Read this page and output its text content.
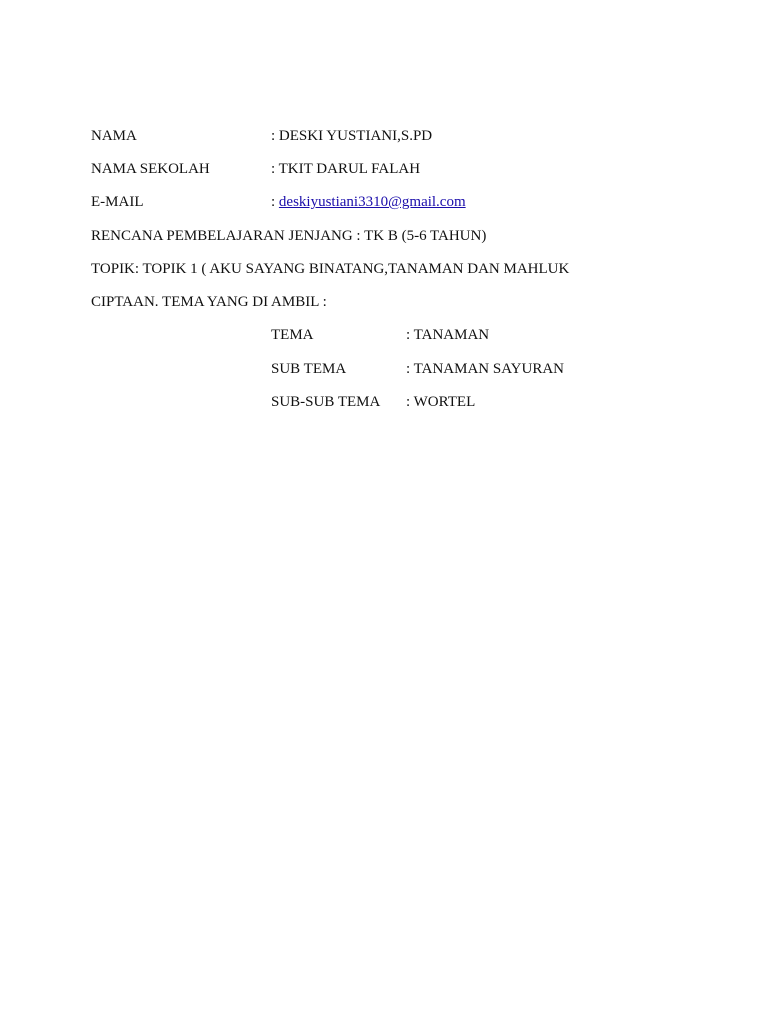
NAMA	: DESKI YUSTIANI,S.PD
NAMA SEKOLAH	: TKIT DARUL FALAH
E-MAIL	: deskiyustiani3310@gmail.com
RENCANA PEMBELAJARAN JENJANG : TK B (5-6 TAHUN)
TOPIK: TOPIK 1 ( AKU SAYANG BINATANG,TANAMAN DAN MAHLUK
CIPTAAN. TEMA YANG DI AMBIL :
TEMA	: TANAMAN
SUB TEMA	: TANAMAN SAYURAN
SUB-SUB TEMA : WORTEL
